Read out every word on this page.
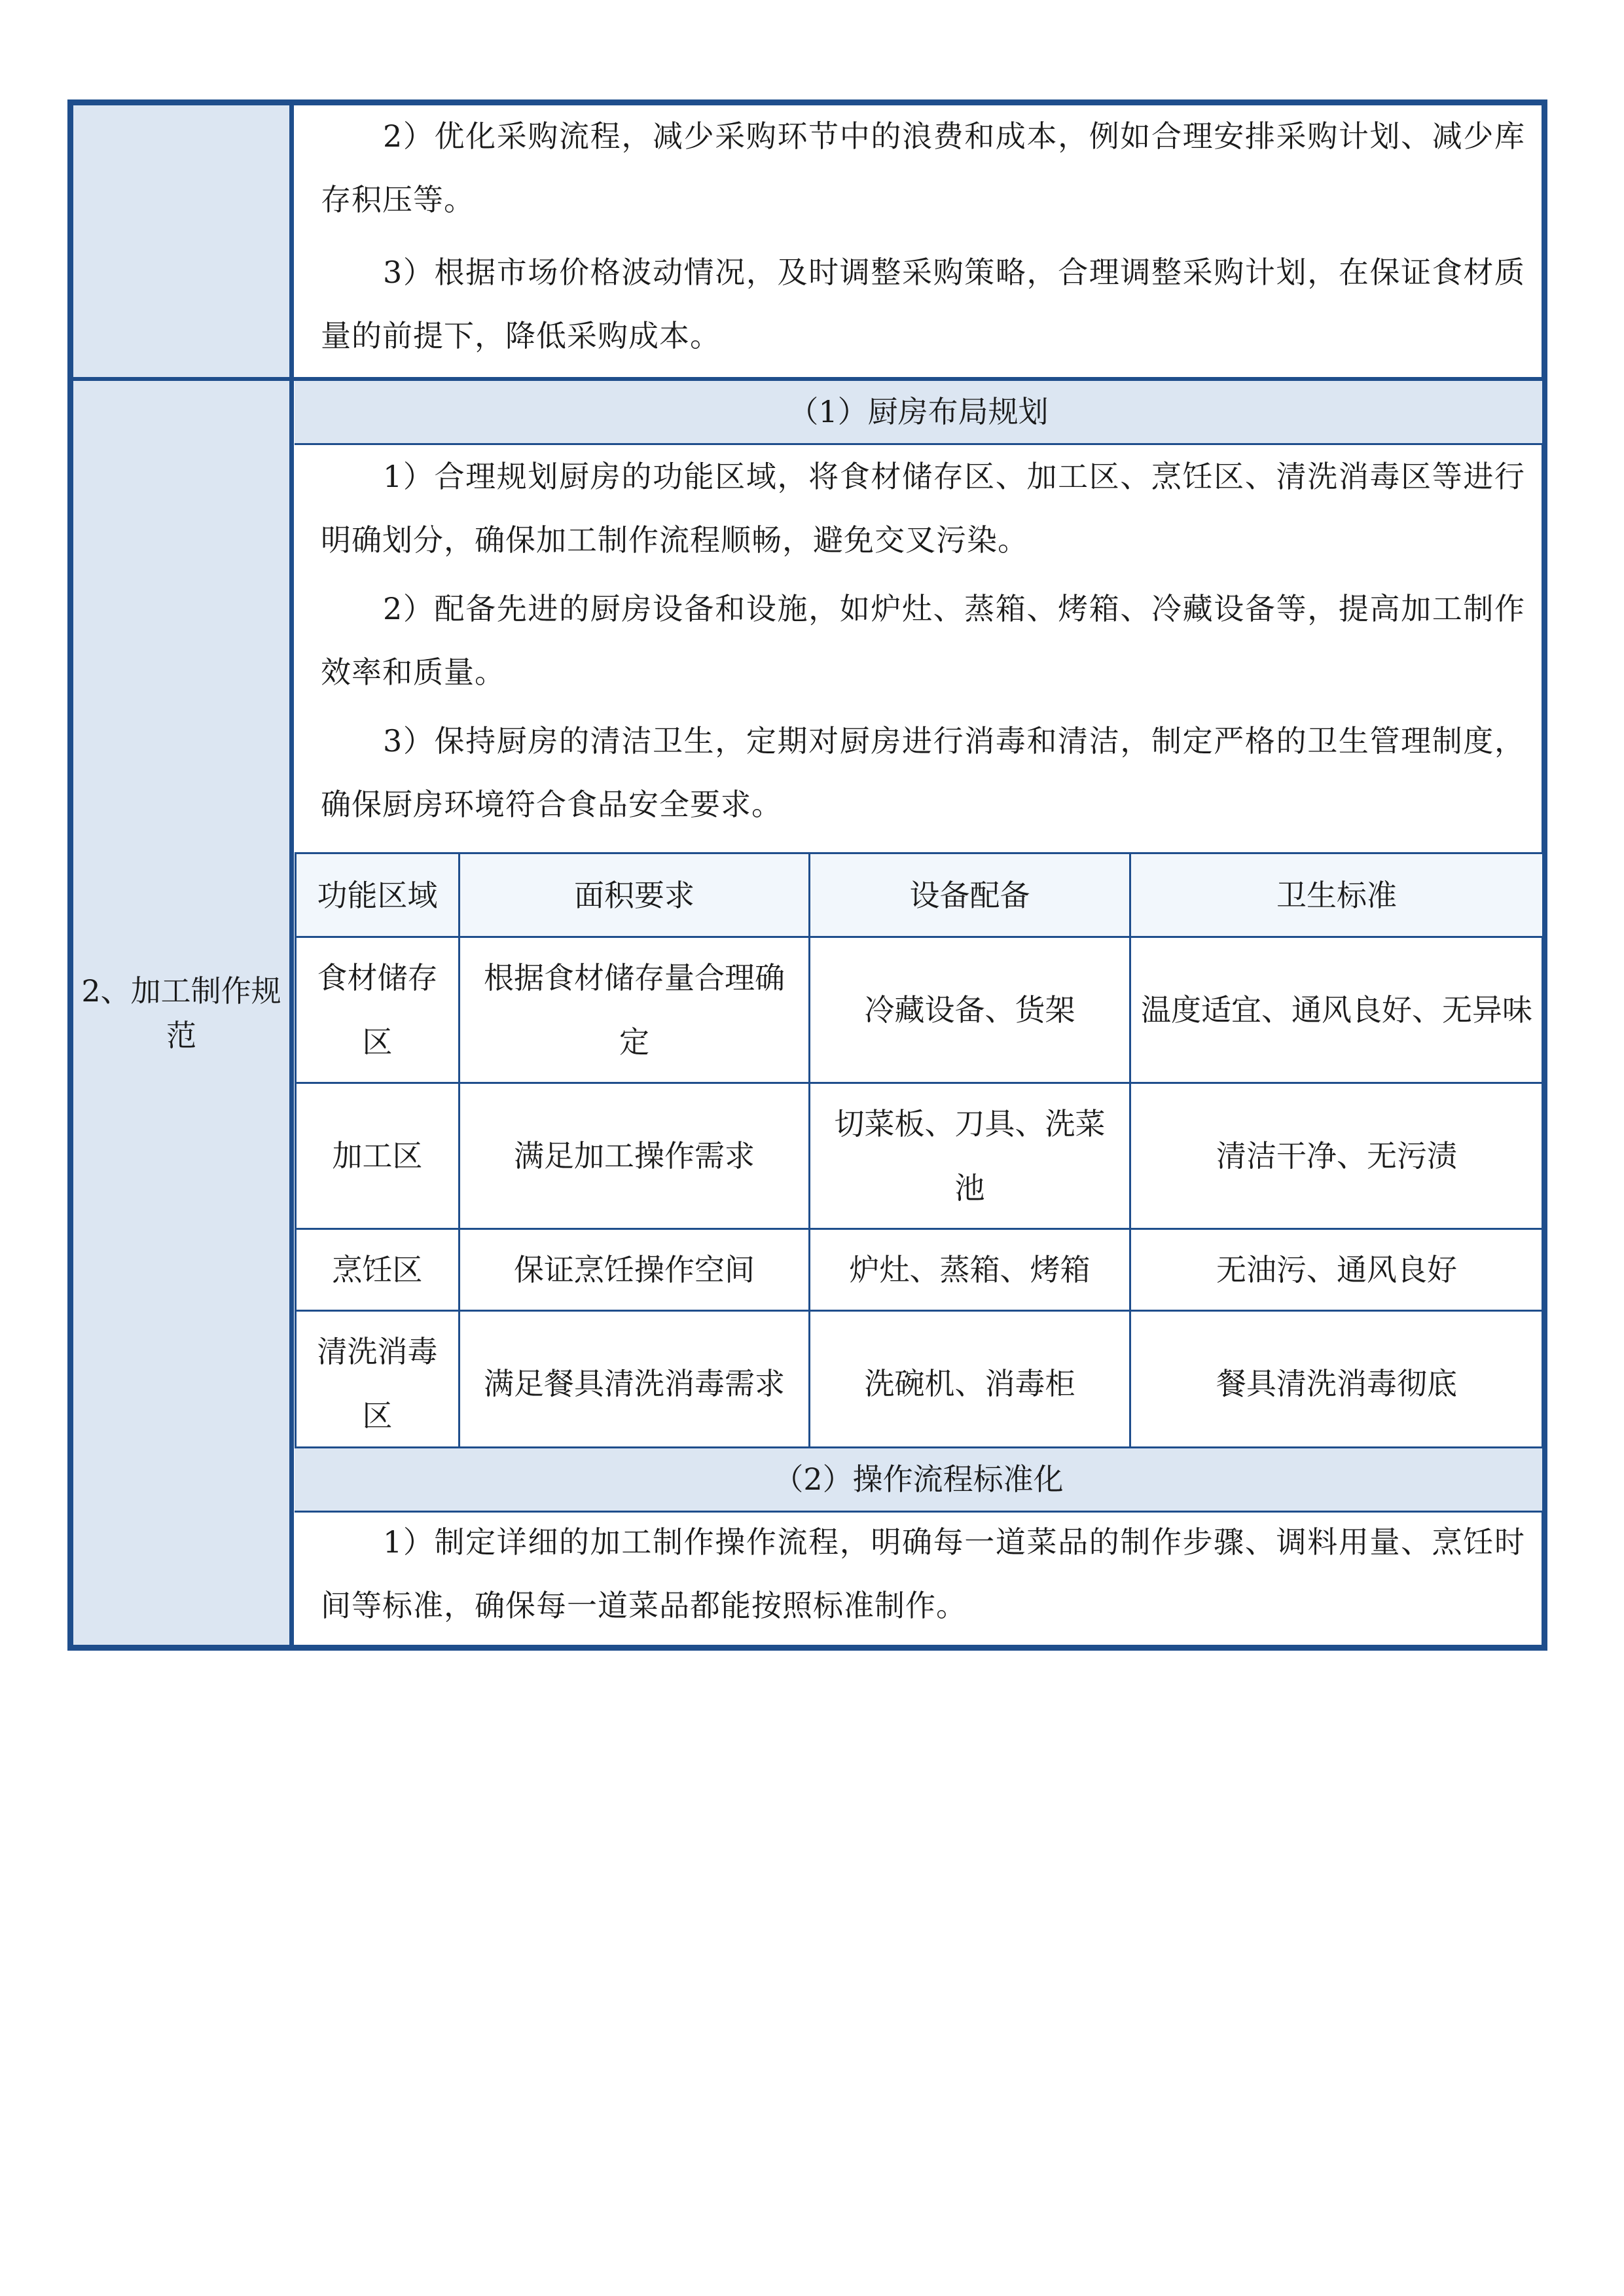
2）优化采购流程，减少采购环节中的浪费和成本，例如合理安排采购计划、减少库存积压等。

3）根据市场价格波动情况，及时调整采购策略，合理调整采购计划，在保证食材质量的前提下，降低采购成本。

2、加工制作规范
（1）厨房布局规划

1）合理规划厨房的功能区域，将食材储存区、加工区、烹饪区、清洗消毒区等进行明确划分，确保加工制作流程顺畅，避免交叉污染。

2）配备先进的厨房设备和设施，如炉灶、蒸箱、烤箱、冷藏设备等，提高加工制作效率和质量。

3）保持厨房的清洁卫生，定期对厨房进行消毒和清洁，制定严格的卫生管理制度，确保厨房环境符合食品安全要求。

功能区域	面积要求	设备配备	卫生标准
食材储存区	根据食材储存量合理确定	冷藏设备、货架	温度适宜、通风良好、无异味
加工区	满足加工操作需求	切菜板、刀具、洗菜池	清洁干净、无污渍
烹饪区	保证烹饪操作空间	炉灶、蒸箱、烤箱	无油污、通风良好
清洗消毒区	满足餐具清洗消毒需求	洗碗机、消毒柜	餐具清洗消毒彻底
（2）操作流程标准化

1）制定详细的加工制作操作流程，明确每一道菜品的制作步骤、调料用量、烹饪时间等标准，确保每一道菜品都能按照标准制作。
